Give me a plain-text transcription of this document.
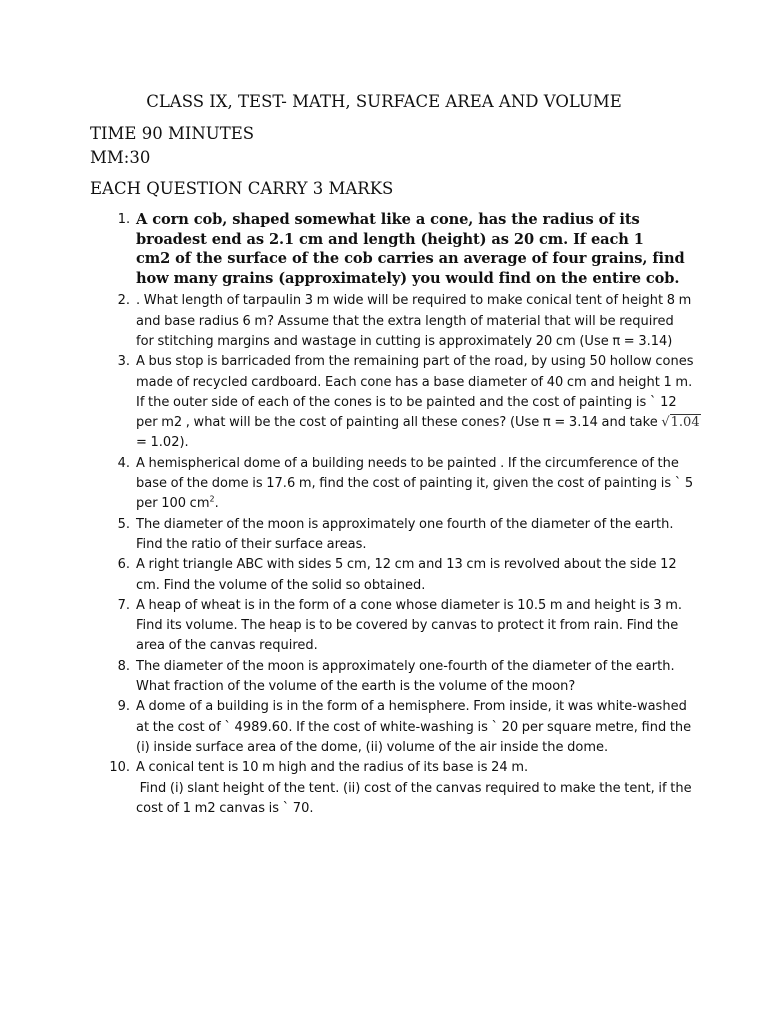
CLASS IX, TEST- MATH, SURFACE AREA AND VOLUME
TIME 90 MINUTES
MM:30
EACH QUESTION CARRY 3 MARKS
1. A corn cob, shaped somewhat like a cone, has the radius of its
broadest end as 2.1 cm and length (height) as 20 cm. If each 1
cm2 of the surface of the cob carries an average of four grains, find
how many grains (approximately) you would find on the entire cob.
2. . What length of tarpaulin 3 m wide will be required to make conical tent of height 8 m
and base radius 6 m? Assume that the extra length of material that will be required
for stitching margins and wastage in cutting is approximately 20 cm (Use π = 3.14)
3. A bus stop is barricaded from the remaining part of the road, by using 50 hollow cones
made of recycled cardboard. Each cone has a base diameter of 40 cm and height 1 m.
If the outer side of each of the cones is to be painted and the cost of painting is ` 12
per m2 , what will be the cost of painting all these cones? (Use π = 3.14 and take √1.04
= 1.02).
4. A hemispherical dome of a building needs to be painted . If the circumference of the
base of the dome is 17.6 m, find the cost of painting it, given the cost of painting is ` 5
per 100 $cm^2$.
5. The diameter of the moon is approximately one fourth of the diameter of the earth.
Find the ratio of their surface areas.
6. A right triangle ABC with sides 5 cm, 12 cm and 13 cm is revolved about the side 12
cm. Find the volume of the solid so obtained.
7. A heap of wheat is in the form of a cone whose diameter is 10.5 m and height is 3 m.
Find its volume. The heap is to be covered by canvas to protect it from rain. Find the
area of the canvas required.
8. The diameter of the moon is approximately one-fourth of the diameter of the earth.
What fraction of the volume of the earth is the volume of the moon?
9. A dome of a building is in the form of a hemisphere. From inside, it was white-washed
at the cost of ` 4989.60. If the cost of white-washing is ` 20 per square metre, find the
(i) inside surface area of the dome, (ii) volume of the air inside the dome.
10. A conical tent is 10 m high and the radius of its base is 24 m.
Find (i) slant height of the tent. (ii) cost of the canvas required to make the tent, if the
cost of 1 m2 canvas is ` 70.
